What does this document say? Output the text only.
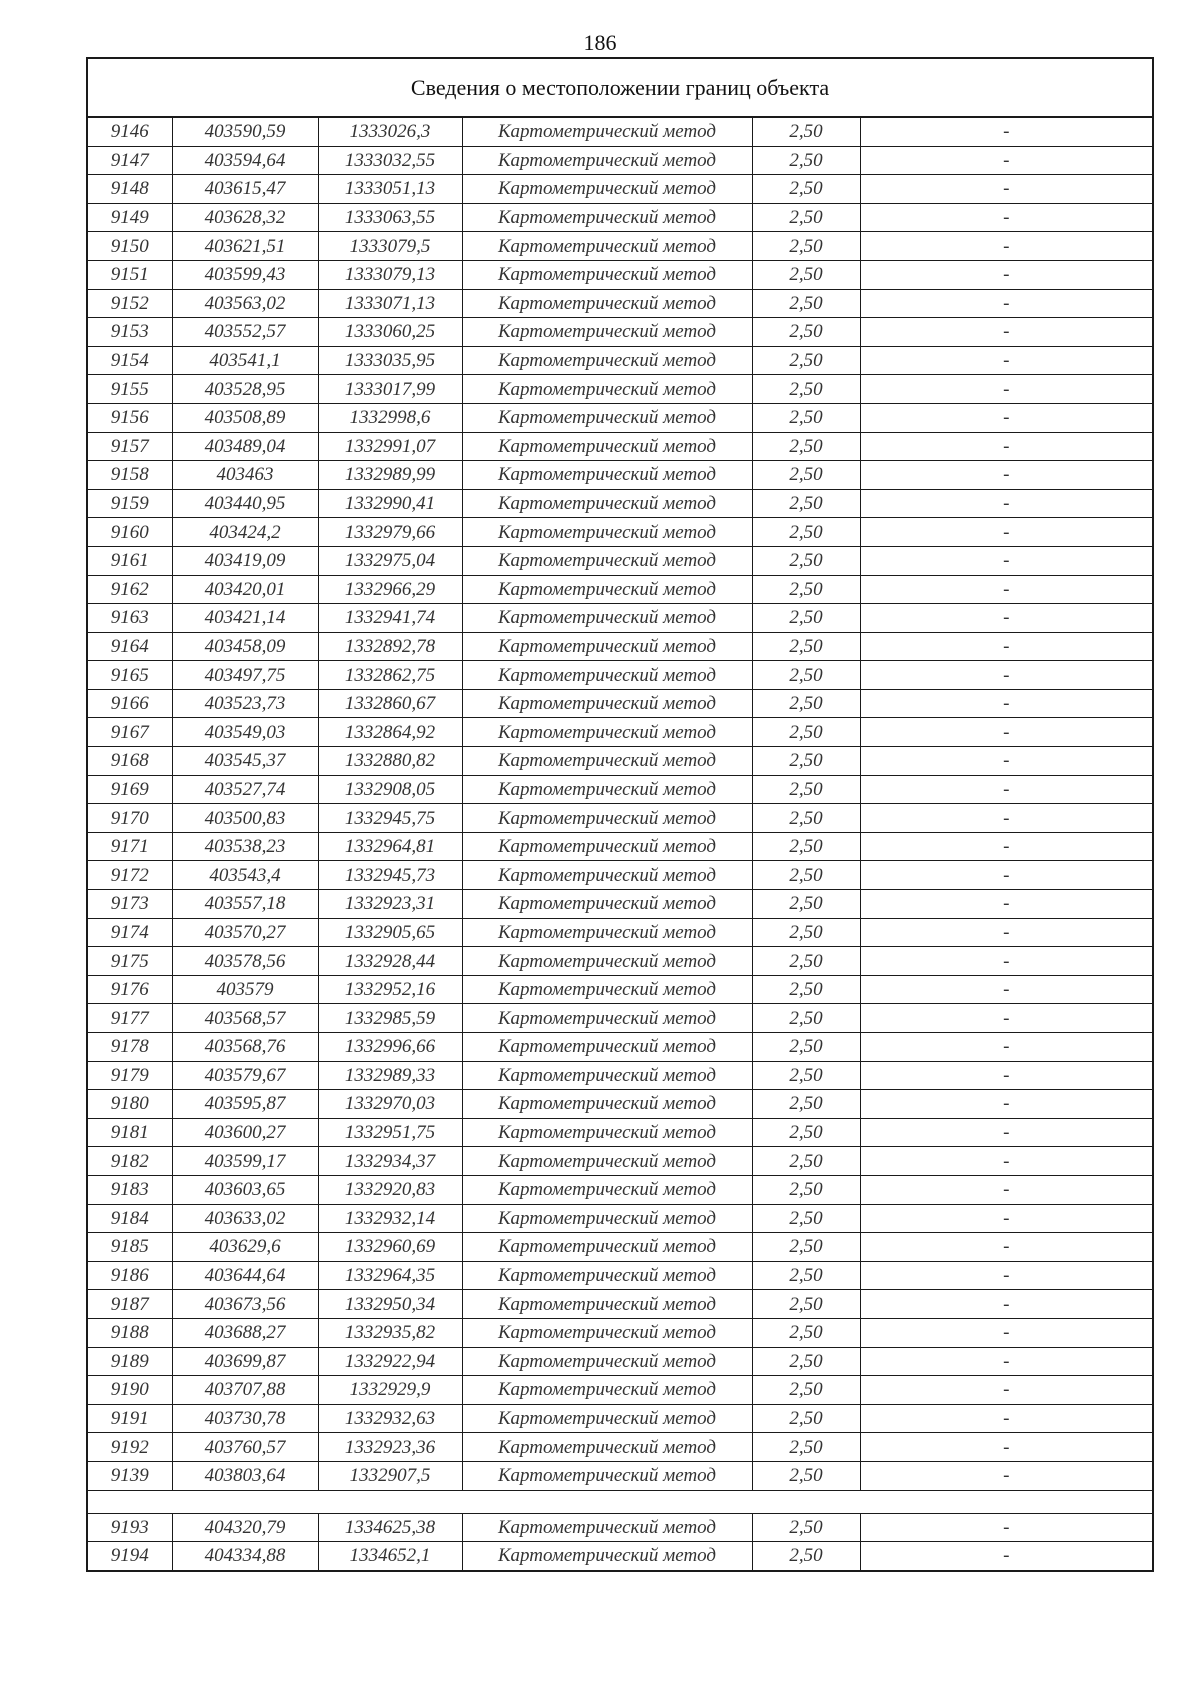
186
Сведения о местоположении границ объекта
9146	403590,59	1333026,3	Картометрический метод	2,50	-
9147	403594,64	1333032,55	Картометрический метод	2,50	-
9148	403615,47	1333051,13	Картометрический метод	2,50	-
9149	403628,32	1333063,55	Картометрический метод	2,50	-
9150	403621,51	1333079,5	Картометрический метод	2,50	-
9151	403599,43	1333079,13	Картометрический метод	2,50	-
9152	403563,02	1333071,13	Картометрический метод	2,50	-
9153	403552,57	1333060,25	Картометрический метод	2,50	-
9154	403541,1	1333035,95	Картометрический метод	2,50	-
9155	403528,95	1333017,99	Картометрический метод	2,50	-
9156	403508,89	1332998,6	Картометрический метод	2,50	-
9157	403489,04	1332991,07	Картометрический метод	2,50	-
9158	403463	1332989,99	Картометрический метод	2,50	-
9159	403440,95	1332990,41	Картометрический метод	2,50	-
9160	403424,2	1332979,66	Картометрический метод	2,50	-
9161	403419,09	1332975,04	Картометрический метод	2,50	-
9162	403420,01	1332966,29	Картометрический метод	2,50	-
9163	403421,14	1332941,74	Картометрический метод	2,50	-
9164	403458,09	1332892,78	Картометрический метод	2,50	-
9165	403497,75	1332862,75	Картометрический метод	2,50	-
9166	403523,73	1332860,67	Картометрический метод	2,50	-
9167	403549,03	1332864,92	Картометрический метод	2,50	-
9168	403545,37	1332880,82	Картометрический метод	2,50	-
9169	403527,74	1332908,05	Картометрический метод	2,50	-
9170	403500,83	1332945,75	Картометрический метод	2,50	-
9171	403538,23	1332964,81	Картометрический метод	2,50	-
9172	403543,4	1332945,73	Картометрический метод	2,50	-
9173	403557,18	1332923,31	Картометрический метод	2,50	-
9174	403570,27	1332905,65	Картометрический метод	2,50	-
9175	403578,56	1332928,44	Картометрический метод	2,50	-
9176	403579	1332952,16	Картометрический метод	2,50	-
9177	403568,57	1332985,59	Картометрический метод	2,50	-
9178	403568,76	1332996,66	Картометрический метод	2,50	-
9179	403579,67	1332989,33	Картометрический метод	2,50	-
9180	403595,87	1332970,03	Картометрический метод	2,50	-
9181	403600,27	1332951,75	Картометрический метод	2,50	-
9182	403599,17	1332934,37	Картометрический метод	2,50	-
9183	403603,65	1332920,83	Картометрический метод	2,50	-
9184	403633,02	1332932,14	Картометрический метод	2,50	-
9185	403629,6	1332960,69	Картометрический метод	2,50	-
9186	403644,64	1332964,35	Картометрический метод	2,50	-
9187	403673,56	1332950,34	Картометрический метод	2,50	-
9188	403688,27	1332935,82	Картометрический метод	2,50	-
9189	403699,87	1332922,94	Картометрический метод	2,50	-
9190	403707,88	1332929,9	Картометрический метод	2,50	-
9191	403730,78	1332932,63	Картометрический метод	2,50	-
9192	403760,57	1332923,36	Картометрический метод	2,50	-
9139	403803,64	1332907,5	Картометрический метод	2,50	-

9193	404320,79	1334625,38	Картометрический метод	2,50	-
9194	404334,88	1334652,1	Картометрический метод	2,50	-
